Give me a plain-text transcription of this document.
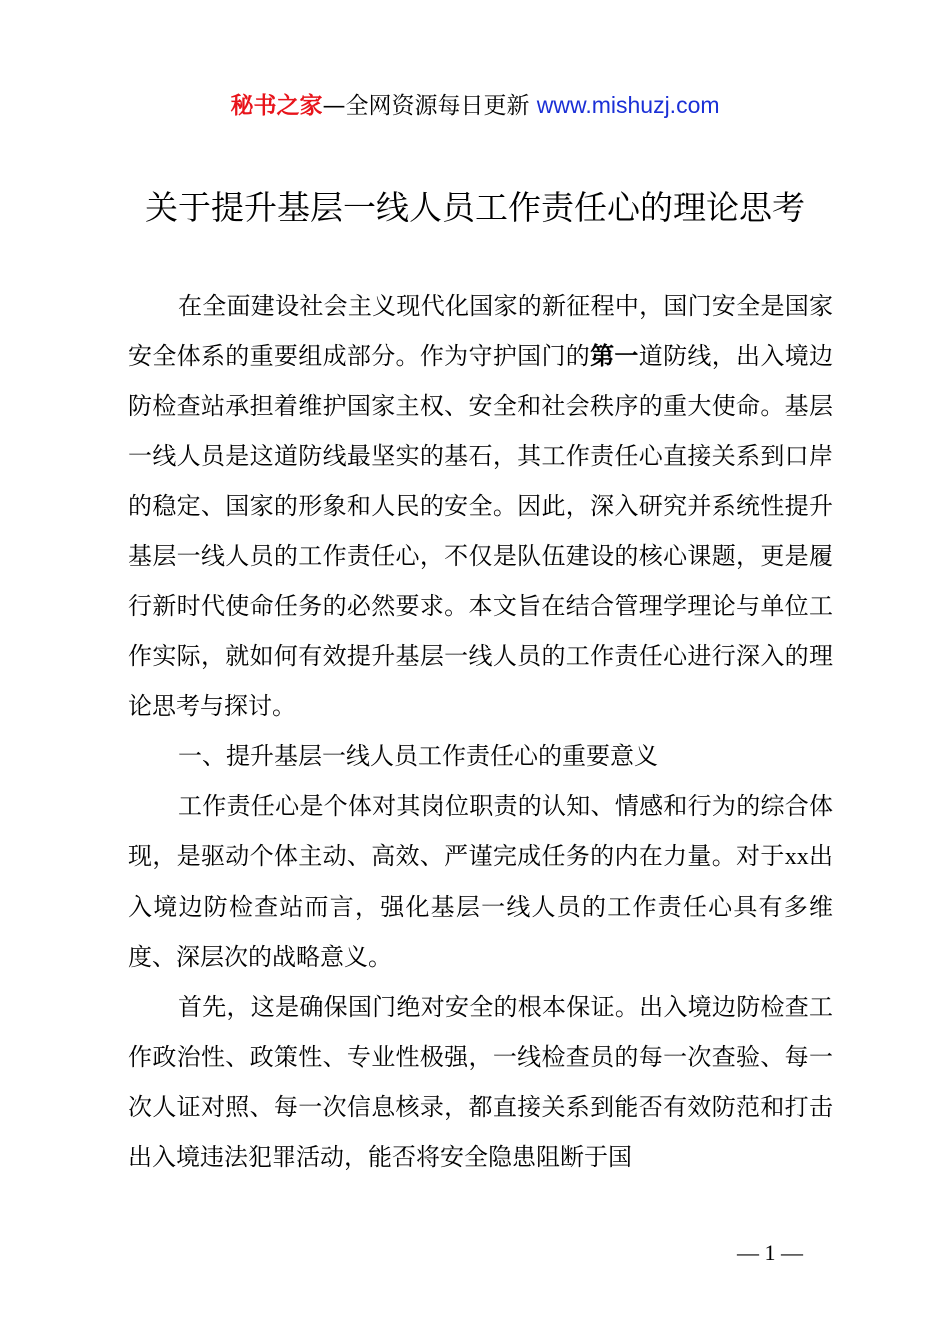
秘书之家—全网资源每日更新 www.mishuzj.com
关于提升基层一线人员工作责任心的理论思考

在全面建设社会主义现代化国家的新征程中，国门安全是国家安全体系的重要组成部分。作为守护国门的第一道防线，出入境边防检查站承担着维护国家主权、安全和社会秩序的重大使命。基层一线人员是这道防线最坚实的基石，其工作责任心直接关系到口岸的稳定、国家的形象和人民的安全。因此，深入研究并系统性提升基层一线人员的工作责任心，不仅是队伍建设的核心课题，更是履行新时代使命任务的必然要求。本文旨在结合管理学理论与单位工作实际，就如何有效提升基层一线人员的工作责任心进行深入的理论思考与探讨。

一、提升基层一线人员工作责任心的重要意义

工作责任心是个体对其岗位职责的认知、情感和行为的综合体现，是驱动个体主动、高效、严谨完成任务的内在力量。对于xx出入境边防检查站而言，强化基层一线人员的工作责任心具有多维度、深层次的战略意义。

首先，这是确保国门绝对安全的根本保证。出入境边防检查工作政治性、政策性、专业性极强，一线检查员的每一次查验、每一次人证对照、每一次信息核录，都直接关系到能否有效防范和打击出入境违法犯罪活动，能否将安全隐患阻断于国

— 1 —
